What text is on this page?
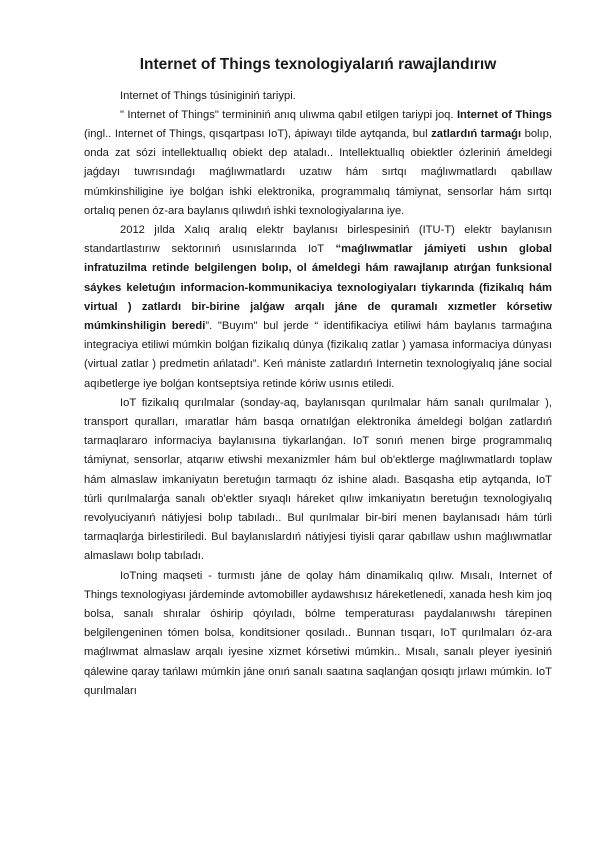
Internet of Things texnologiyalarıń rawajlandırıw

Internet of Things túsiniginiń tariypi.

" Internet of Things" termininiń anıq ulıwma qabıl etilgen tariypi joq. Internet of Things (ingl.. Internet of Things, qısqartpası IoT), ápiwayı tilde aytqanda, bul zatlardıń tarmaǵı bolıp, onda zat sózi intellektuallıq obiekt dep ataladı.. Intellektuallıq obiektler ózleriniń ámeldegi jaǵdayı tuwrısındaǵı maǵlıwmatlardı uzatıw hám sırtqı maǵlıwmatlardı qabıllaw múmkinshiligine iye bolǵan ishki elektronika, programmalıq támiynat, sensorlar hám sırtqı ortalıq penen óz-ara baylanıs qılıwdıń ishki texnologiyalarına iye.

2012 jılda Xalıq aralıq elektr baylanısı birlespesiniń (ITU-T) elektr baylanısın standartlastırıw sektorınıń usınıslarında IoT “maǵlıwmatlar jámiyeti ushın global infratuzilma retinde belgilengen bolıp, ol ámeldegi hám rawajlanıp atırǵan funksional sáykes keletuǵın informacion-kommunikaciya texnologiyaları tiykarında (fizikalıq hám virtual ) zatlardı bir-birine jalǵaw arqalı jáne de quramalı xızmetler kórsetiw múmkinshiligin beredi”. "Buyım" bul jerde “ identifikaciya etiliwi hám baylanıs tarmaǵına integraciya etiliwi múmkin bolǵan fizikalıq dúnya (fizikalıq zatlar ) yamasa informaciya dúnyası (virtual zatlar ) predmetin ańlatadı”. Keń mániste zatlardıń Internetin texnologiyalıq jáne social aqıbetlerge iye bolǵan kontseptsiya retinde kóriw usınıs etiledi.

IoT fizikalıq qurılmalar (sonday-aq, baylanısqan qurılmalar hám sanalı qurılmalar ), transport quralları, ımaratlar hám basqa ornatılǵan elektronika ámeldegi bolǵan zatlardıń tarmaqlararo informaciya baylanısına tiykarlanǵan. IoT sonıń menen birge programmalıq támiynat, sensorlar, atqarıw etiwshi mexanizmler hám bul ob'ektlerge maǵlıwmatlardı toplaw hám almaslaw imkaniyatın beretuǵın tarmaqtı óz ishine aladı. Basqasha etip aytqanda, IoT túrli qurılmalarǵa sanalı ob'ektler sıyaqlı háreket qılıw imkaniyatın beretuǵın texnologiyalıq revolyuciyanıń nátiyjesi bolıp tabıladı.. Bul qurılmalar bir-biri menen baylanısadı hám túrli tarmaqlarǵa birlestiriledi. Bul baylanıslardıń nátiyjesi tiyisli qarar qabıllaw ushın maǵlıwmatlar almaslawı bolıp tabıladı.

IoTning maqseti - turmıstı jáne de qolay hám dinamikalıq qılıw. Mısalı, Internet of Things texnologiyası járdeminde avtomobiller aydawshısız háreketlenedi, xanada hesh kim joq bolsa, sanalı shıralar óshirip qóyıladı, bólme temperaturası paydalanıwshı tárepinen belgilengeninen tómen bolsa, konditsioner qosıladı.. Bunnan tısqarı, IoT qurılmaları óz-ara maǵlıwmat almaslaw arqalı iyesine xizmet kórsetiwi múmkin.. Mısalı, sanalı pleyer iyesiniń qálewine qaray tańlawı múmkin jáne onıń sanalı saatına saqlanǵan qosıqtı jırlawı múmkin. IoT qurılmaları
